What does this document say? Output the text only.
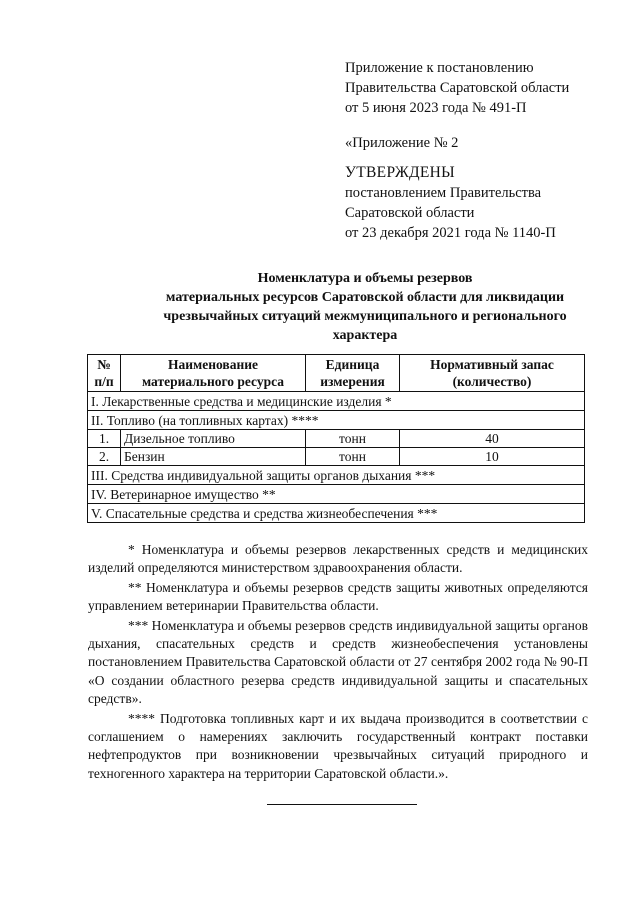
Приложение к постановлению
Правительства Саратовской области
от 5 июня 2023 года № 491-П
«Приложение № 2
УТВЕРЖДЕНЫ
постановлением Правительства
Саратовской области
от 23 декабря 2021 года № 1140-П
Номенклатура и объемы резервов
материальных ресурсов Саратовской области для ликвидации
чрезвычайных ситуаций межмуниципального и регионального
характера
№ п/п	Наименование материального ресурса	Единица измерения	Нормативный запас (количество)
I. Лекарственные средства и медицинские изделия *			
II. Топливо (на топливных картах) ****			
1.	Дизельное топливо	тонн	40
2.	Бензин	тонн	10
III. Средства индивидуальной защиты органов дыхания ***			
IV. Ветеринарное имущество **			
V. Спасательные средства и средства жизнеобеспечения ***			

* Номенклатура и объемы резервов лекарственных средств и медицинских изделий определяются министерством здравоохранения области.

** Номенклатура и объемы резервов средств защиты животных определяются управлением ветеринарии Правительства области.

*** Номенклатура и объемы резервов средств индивидуальной защиты органов дыхания, спасательных средств и средств жизнеобеспечения установлены постановлением Правительства Саратовской области от 27 сентября 2002 года № 90-П «О создании областного резерва средств индивидуальной защиты и спасательных средств».

**** Подготовка топливных карт и их выдача производится в соответствии с соглашением о намерениях заключить государственный контракт поставки нефтепродуктов при возникновении чрезвычайных ситуаций природного и техногенного характера на территории Саратовской области.».
